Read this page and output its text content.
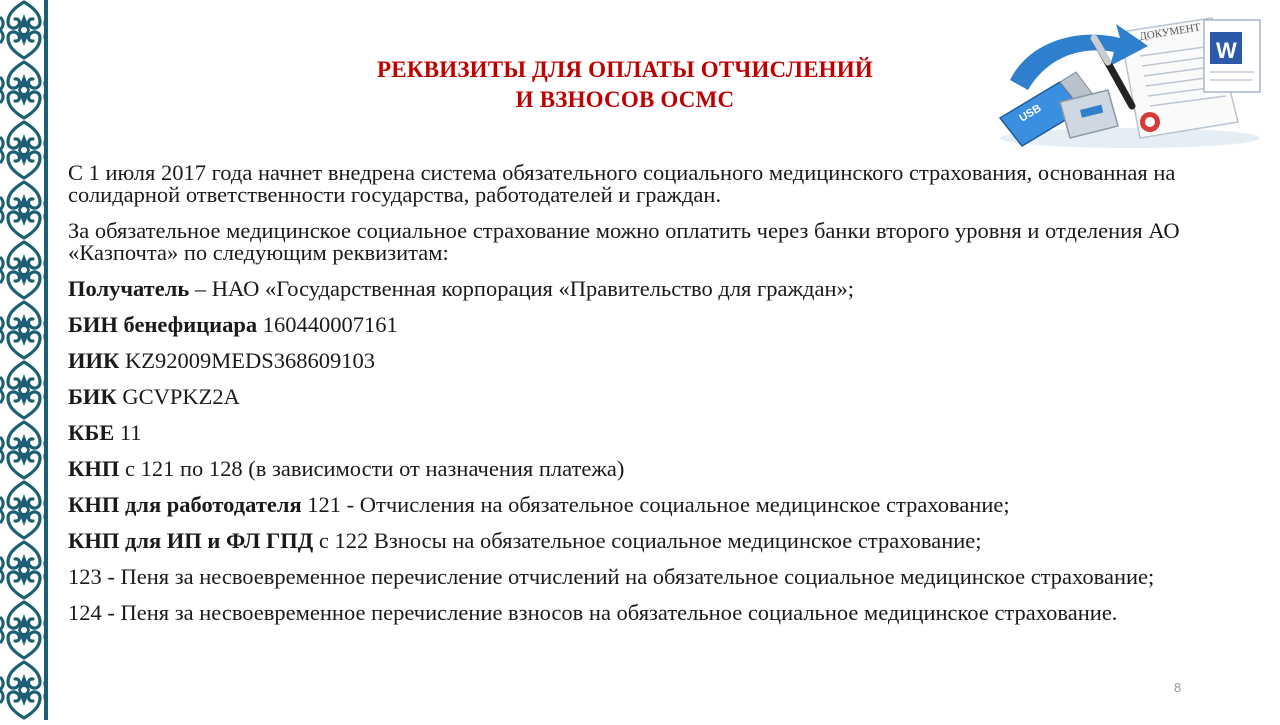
РЕКВИЗИТЫ ДЛЯ ОПЛАТЫ ОТЧИСЛЕНИЙ
И ВЗНОСОВ ОСМС
ДОКУМЕНТ
W
USB

С 1 июля 2017 года начнет внедрена система обязательного социального медицинского страхования, основанная на солидарной ответственности государства, работодателей и граждан.

За обязательное медицинское социальное страхование можно оплатить через банки второго уровня и отделения АО «Казпочта» по следующим реквизитам:

Получатель – НАО «Государственная корпорация «Правительство для граждан»;

БИН бенефициара 160440007161

ИИК KZ92009MEDS368609103

БИК GCVPKZ2A

КБЕ 11

КНП с 121 по 128 (в зависимости от назначения платежа)

КНП для работодателя 121 - Отчисления на обязательное социальное медицинское страхование;

КНП для ИП и ФЛ ГПД с 122 Взносы на обязательное социальное медицинское страхование;

123 - Пеня за несвоевременное перечисление отчислений на обязательное социальное медицинское страхование;

124 - Пеня за несвоевременное перечисление взносов на обязательное социальное медицинское страхование.

8
